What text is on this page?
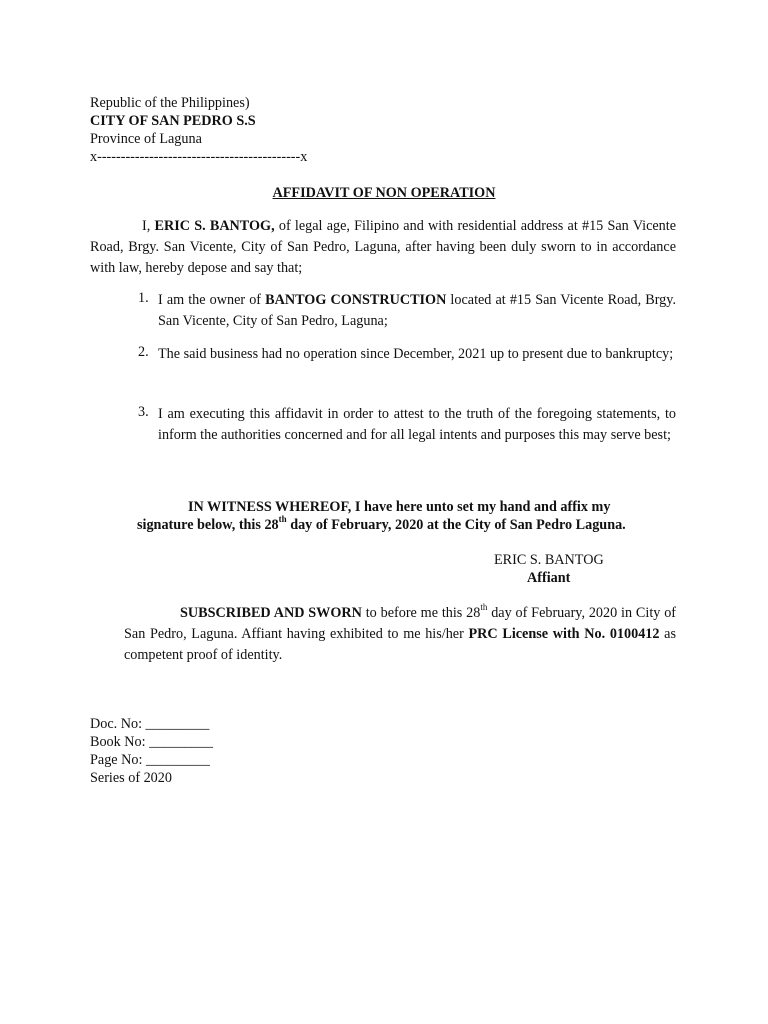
Republic of the Philippines)
CITY OF SAN PEDRO S.S
Province of Laguna
x-------------------------------------------x
AFFIDAVIT OF NON OPERATION
I, ERIC S. BANTOG, of legal age, Filipino and with residential address at #15 San Vicente Road, Brgy. San Vicente, City of San Pedro, Laguna, after having been duly sworn to in accordance with law, hereby depose and say that;
1. I am the owner of BANTOG CONSTRUCTION located at #15 San Vicente Road, Brgy. San Vicente, City of San Pedro, Laguna;
2. The said business had no operation since December, 2021 up to present due to bankruptcy;
3. I am executing this affidavit in order to attest to the truth of the foregoing statements, to inform the authorities concerned and for all legal intents and purposes this may serve best;
IN WITNESS WHEREOF, I have here unto set my hand and affix my
signature below, this 28th day of February, 2020 at the City of San Pedro Laguna.
ERIC S. BANTOG
Affiant
SUBSCRIBED AND SWORN to before me this 28th day of February, 2020 in City of San Pedro, Laguna. Affiant having exhibited to me his/her PRC License with No. 0100412 as competent proof of identity.
Doc. No: _________
Book No: _________
Page No: _________
Series of 2020
